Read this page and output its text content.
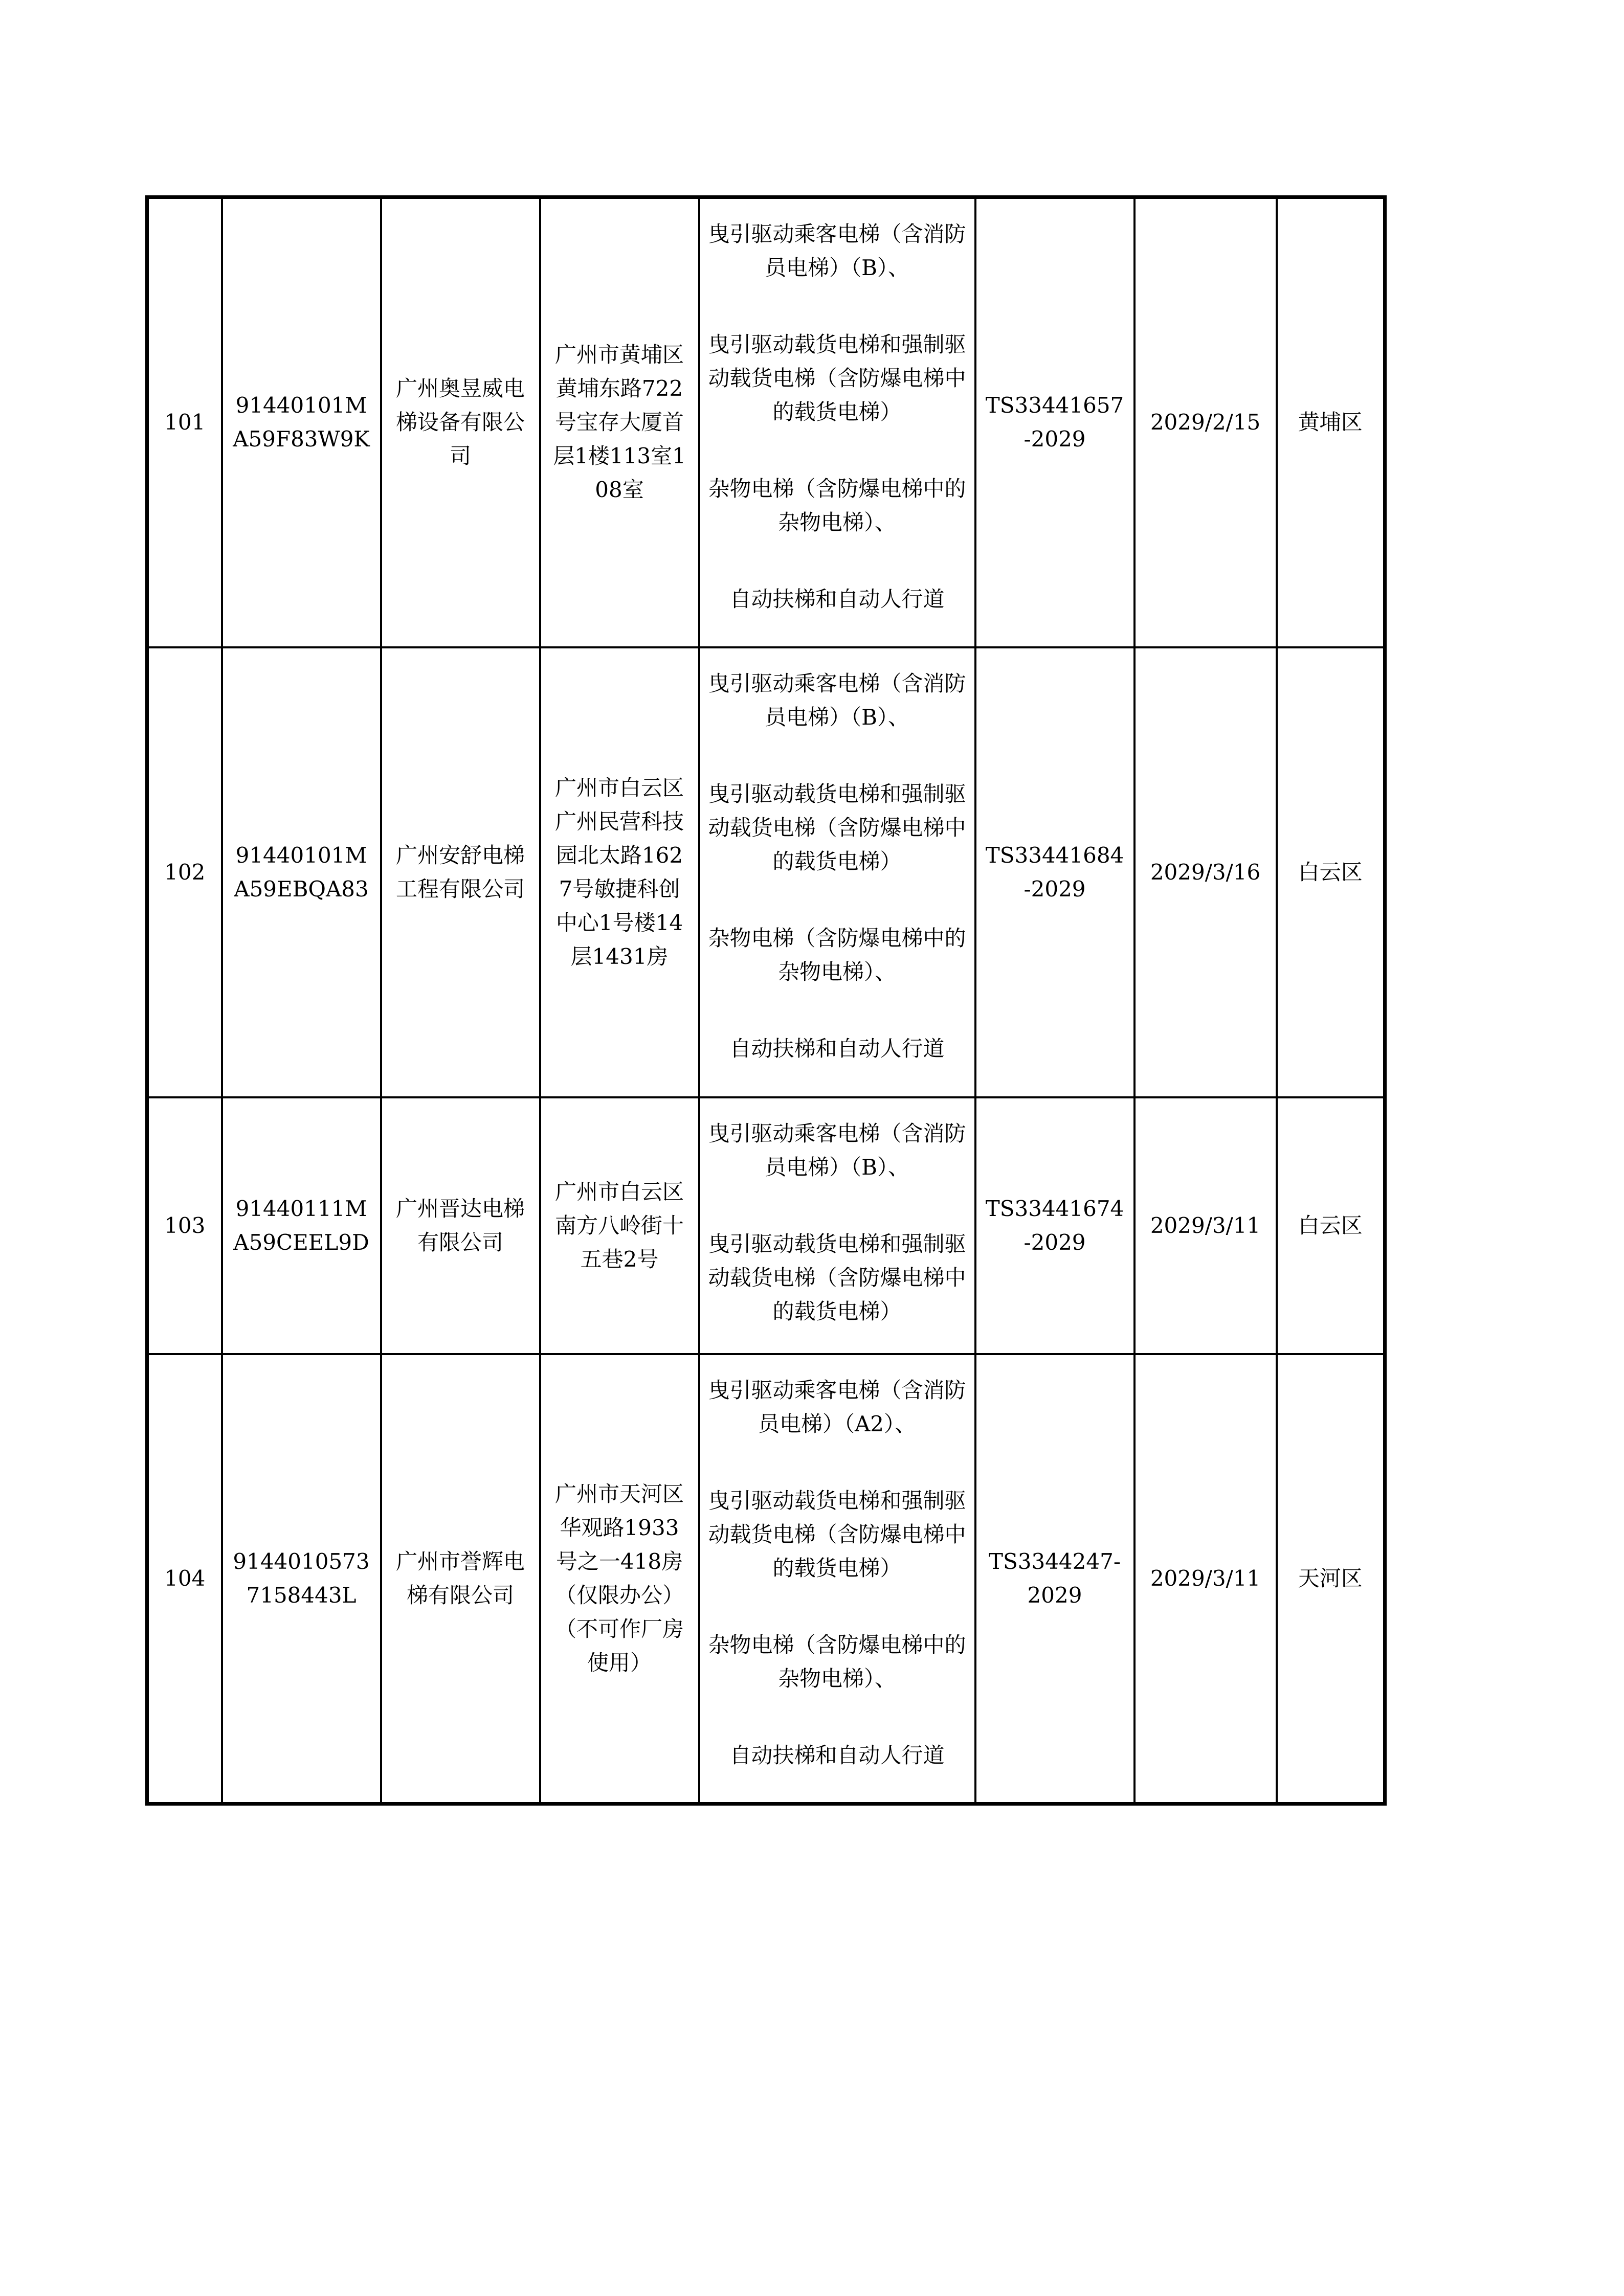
101	91440101MA59F83W9K	广州奥昱威电梯设备有限公司	广州市黄埔区黄埔东路722号宝存大厦首层1楼113室108室	曳引驱动乘客电梯（含消防员电梯）（B）、
曳引驱动载货电梯和强制驱动载货电梯（含防爆电梯中的载货电梯）
杂物电梯（含防爆电梯中的杂物电梯）、
自动扶梯和自动人行道	TS33441657-2029	2029/2/15	黄埔区
102	91440101MA59EBQA83	广州安舒电梯工程有限公司	广州市白云区广州民营科技园北太路1627号敏捷科创中心1号楼14层1431房	曳引驱动乘客电梯（含消防员电梯）（B）、
曳引驱动载货电梯和强制驱动载货电梯（含防爆电梯中的载货电梯）
杂物电梯（含防爆电梯中的杂物电梯）、
自动扶梯和自动人行道	TS33441684-2029	2029/3/16	白云区
103	91440111MA59CEEL9D	广州晋达电梯有限公司	广州市白云区南方八岭街十五巷2号	曳引驱动乘客电梯（含消防员电梯）（B）、
曳引驱动载货电梯和强制驱动载货电梯（含防爆电梯中的载货电梯）	TS33441674-2029	2029/3/11	白云区
104	91440105737158443L	广州市誉辉电梯有限公司	广州市天河区华观路1933号之一418房（仅限办公）（不可作厂房使用）	曳引驱动乘客电梯（含消防员电梯）（A2）、
曳引驱动载货电梯和强制驱动载货电梯（含防爆电梯中的载货电梯）
杂物电梯（含防爆电梯中的杂物电梯）、
自动扶梯和自动人行道	TS3344247-2029	2029/3/11	天河区
